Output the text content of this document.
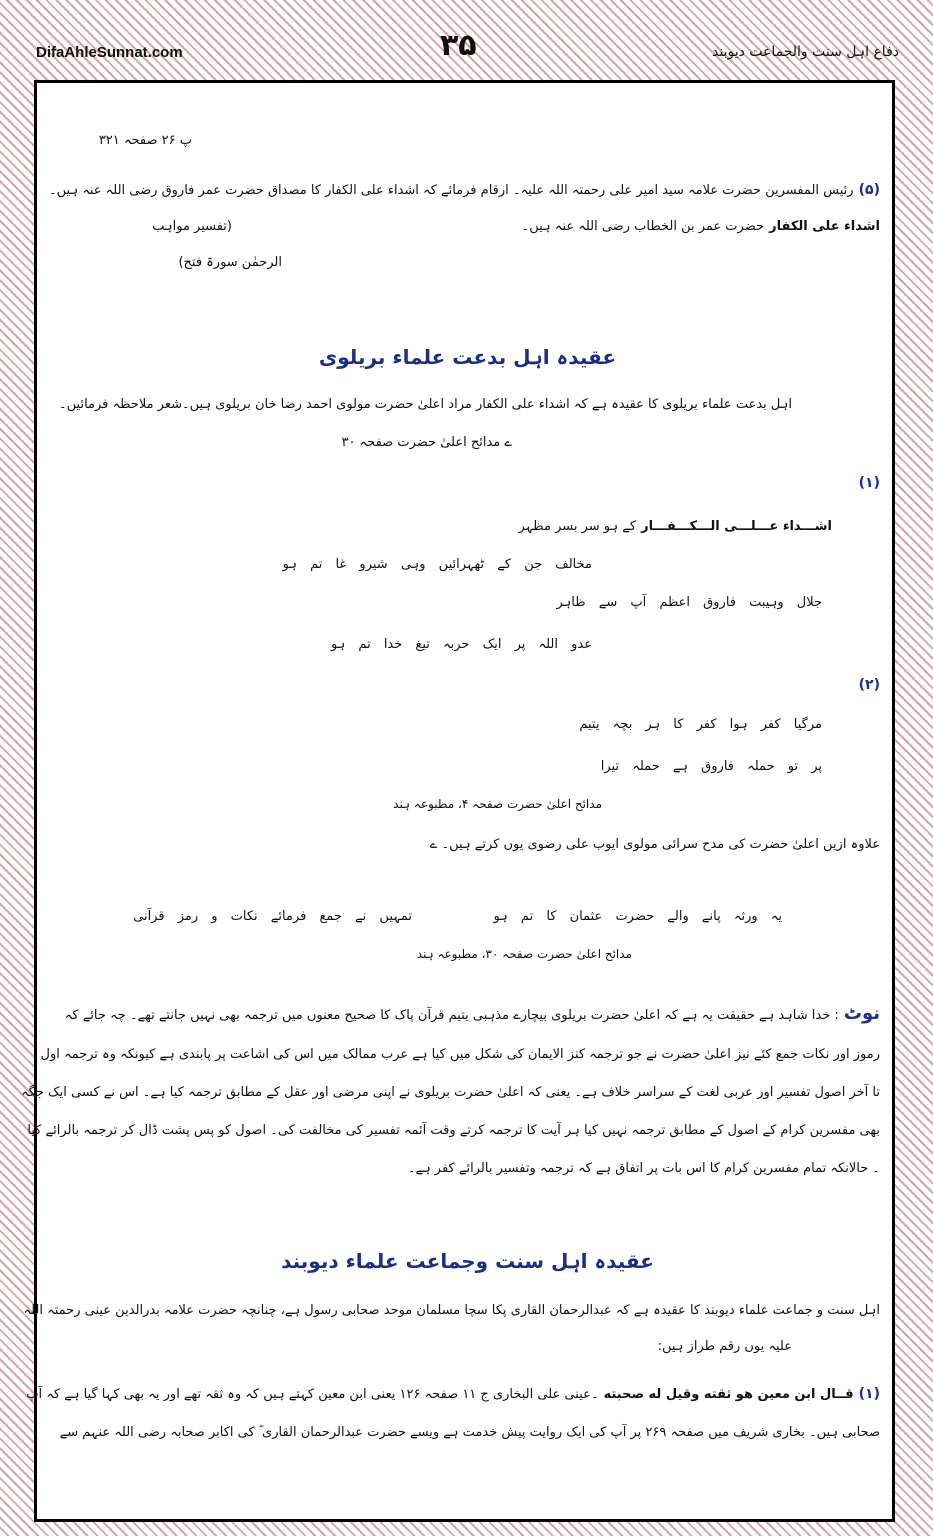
DifaAhleSunnat.com	۳۵	دفاع اہل سنت والجماعت دیوبند
پ ۲۶ صفحہ ۳۲۱
(۵) رئیس المفسرین حضرت علامہ سید امیر علی رحمتہ اللہ علیہ۔ ارقام فرمائے کہ اشداء علی الکفار کا مصداق حضرت عمر فاروق رضی اللہ عنہ ہیں۔
اشداء علی الکفار حضرت عمر بن الخطاب رضی اللہ عنہ ہیں۔
(تفسیر مواہب
الرحمٰن سورۃ فتح)
عقیدہ اہل بدعت علماء بریلوی
اہل بدعت علماء بریلوی کا عقیدہ ہے کہ اشداء علی الکفار مراد اعلیٰ حضرت مولوی احمد رضا خان بریلوی ہیں۔شعر ملاحظہ فرمائیں۔
ے مدائح اعلیٰ حضرت صفحہ ۳۰
(۱)
اشـــداء عـــلـــی الـــكـــفـــار کے ہو سر بسر مظہر
مخالف جن کے ٹھہرائیں وہی شیرو غا تم ہو
جلال وہیبت فاروق اعظم آپ سے ظاہر
عدو اللہ پر ایک حربہ تیغ خدا تم ہو
(۲)
مرگیا کفر ہوا کفر کا ہر بچہ یتیم
پر تو حملہ فاروق ہے حملہ تیرا
مدائح اعلیٰ حضرت صفحہ ۴، مطبوعہ ہند
علاوہ ازیں اعلیٰ حضرت کی مدح سرائی مولوی ایوب علی رضوی یوں کرتے ہیں۔ ے
تمہیں نے جمع فرمائے نکات و رمز قرآنی	یہ ورثہ پانے والے حضرت عثمان کا تم ہو
مدائح اعلیٰ حضرت صفحہ ۳۰، مطبوعہ ہند
نوٹ : خدا شاہد ہے حقیقت یہ ہے کہ اعلیٰ حضرت بریلوی بیچارے مذہبی یتیم قرآن پاک کا صحیح معنوں میں ترجمہ بھی نہیں جانتے تھے۔ چہ جائے کہ
رموز اور نکات جمع کئے نیز اعلیٰ حضرت نے جو ترجمہ کنز الایمان کی شکل میں کیا ہے عرب ممالک میں اس کی اشاعت پر پابندی ہے کیونکہ وہ ترجمہ اول
تا آخر اصول تفسیر اور عربی لغت کے سراسر خلاف ہے۔ یعنی کہ اعلیٰ حضرت بریلوی نے اپنی مرضی اور عقل کے مطابق ترجمہ کیا ہے۔ اس نے کسی ایک جگہ
بھی مفسرین کرام کے اصول کے مطابق ترجمہ نہیں کیا ہر آیت کا ترجمہ کرتے وقت آئمہ تفسیر کی مخالفت کی۔ اصول کو پس پشت ڈال کر ترجمہ بالرائے کیا
۔ حالانکہ تمام مفسرین کرام کا اس بات پر اتفاق ہے کہ ترجمہ وتفسیر بالرائے کفر ہے۔
عقیدہ اہل سنت وجماعت علماء دیوبند
اہل سنت و جماعت علماء دیوبند کا عقیدہ ہے کہ عبدالرحمان القاری پکا سچا مسلمان موحد صحابی رسول ہے، چنانچہ حضرت علامہ بدرالدین عینی رحمتہ اللہ
علیہ یوں رقم طراز ہیں:
(۱) قــال ابن معين هو ثقته وقيل له صحبته ۔عینی علی البخاری ج ۱۱ صفحہ ۱۲۶ یعنی ابن معین کہتے ہیں کہ وہ ثقہ تھے اور یہ بھی کہا گیا ہے کہ آپ
صحابی ہیں۔ بخاری شریف میں صفحہ ۲۶۹ پر آپ کی ایک روایت پیش خدمت ہے ویسے حضرت عبدالرحمان القاری ؓ کی اکابر صحابہ رضی اللہ عنہم سے
